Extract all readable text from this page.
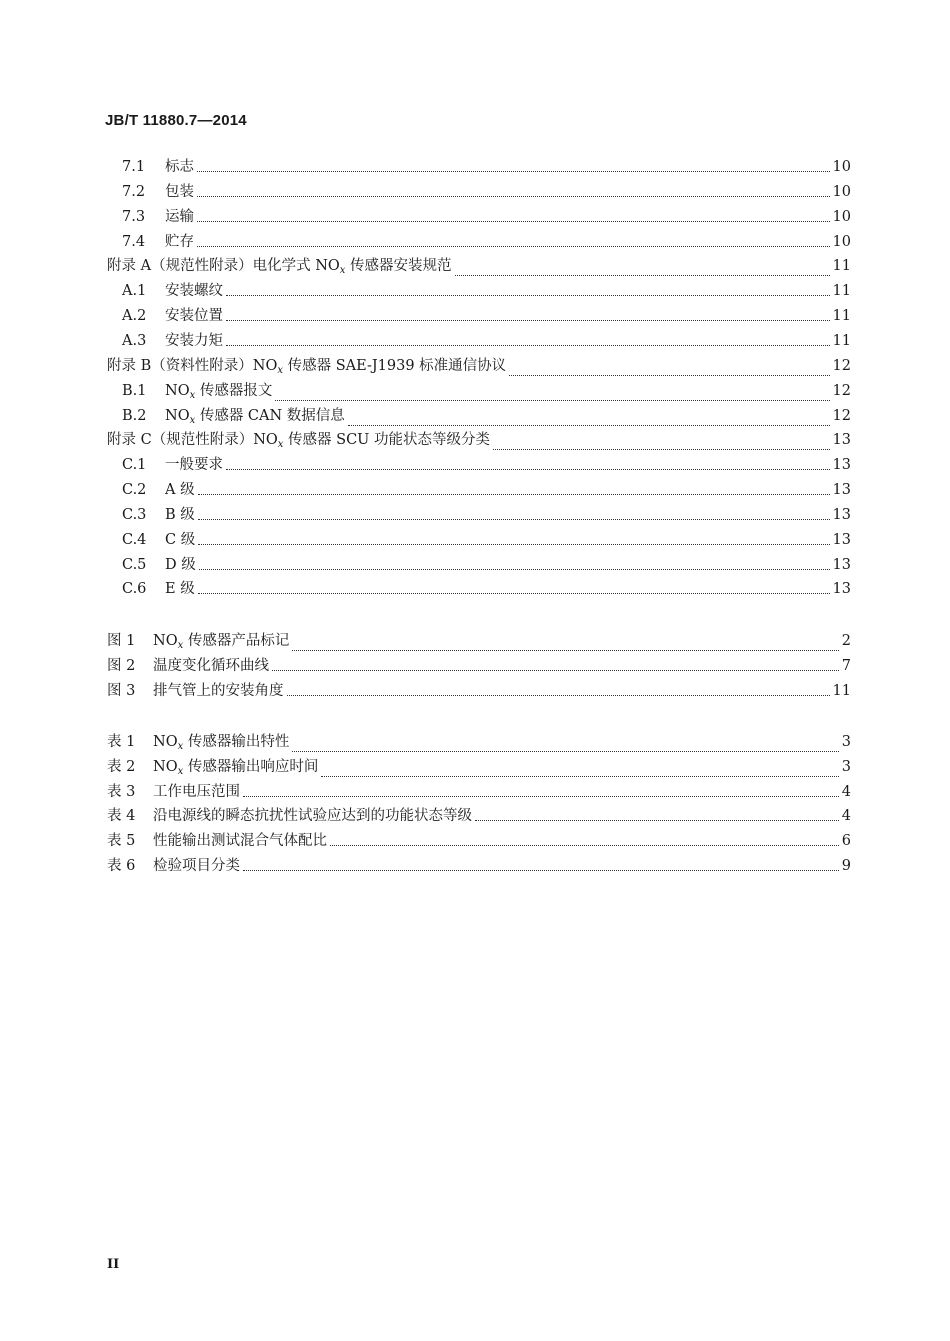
JB/T 11880.7—2014
7.1	标志	10
7.2	包装	10
7.3	运输	10
7.4	贮存	10
附录 A （规范性附录）电化学式 $NO_x$ 传感器安装规范	11
A.1	安装螺纹	11
A.2	安装位置	11
A.3	安装力矩	11
附录 B （资料性附录）$NO_x$ 传感器 SAE-J1939 标准通信协议	12
B.1	$NO_x$ 传感器报文	12
B.2	$NO_x$ 传感器 CAN 数据信息	12
附录 C （规范性附录）$NO_x$ 传感器 SCU 功能状态等级分类	13
C.1	一般要求	13
C.2	A 级	13
C.3	B 级	13
C.4	C 级	13
C.5	D 级	13
C.6	E 级	13
图 1	$NO_x$ 传感器产品标记	2
图 2	温度变化循环曲线	7
图 3	排气管上的安装角度	11
表 1	$NO_x$ 传感器输出特性	3
表 2	$NO_x$ 传感器输出响应时间	3
表 3	工作电压范围	4
表 4	沿电源线的瞬态抗扰性试验应达到的功能状态等级	4
表 5	性能输出测试混合气体配比	6
表 6	检验项目分类	9
II
